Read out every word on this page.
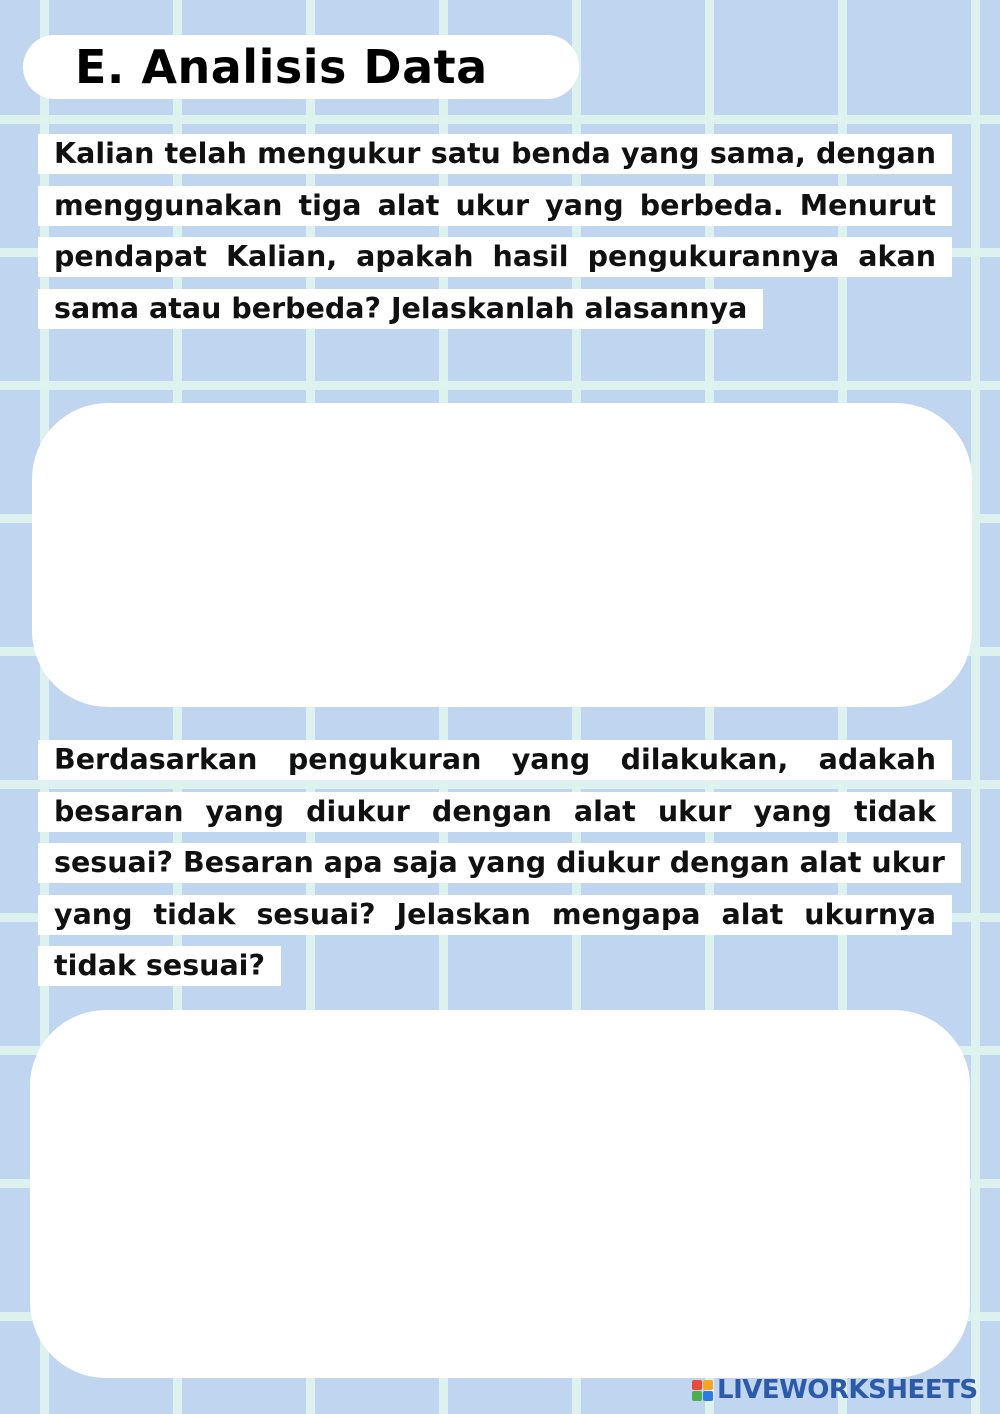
E. Analisis Data
Kalian telah mengukur satu benda yang sama, dengan menggunakan tiga alat ukur yang berbeda. Menurut pendapat Kalian, apakah hasil pengukurannya akan sama atau berbeda? Jelaskanlah alasannya
Berdasarkan pengukuran yang dilakukan, adakah besaran yang diukur dengan alat ukur yang tidak sesuai? Besaran apa saja yang diukur dengan alat ukur yang tidak sesuai? Jelaskan mengapa alat ukurnya tidak sesuai?
LIVEWORKSHEETS
